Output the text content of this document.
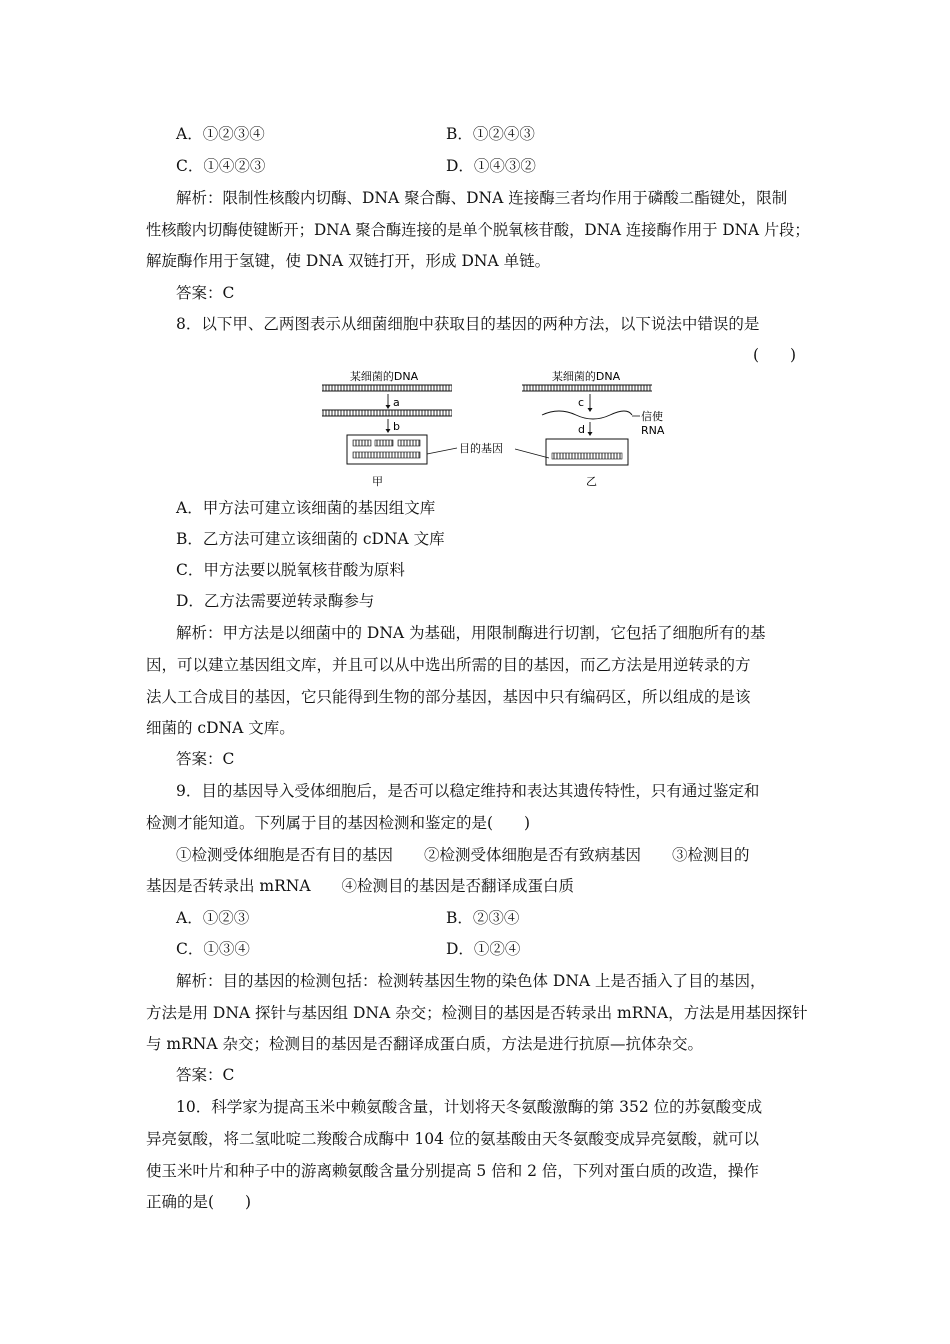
A．①②③④	B．①②④③
C．①④②③	D．①④③②
解析：限制性核酸内切酶、DNA 聚合酶、DNA 连接酶三者均作用于磷酸二酯键处，限制
性核酸内切酶使键断开；DNA 聚合酶连接的是单个脱氧核苷酸，DNA 连接酶作用于 DNA 片段；
解旋酶作用于氢键，使 DNA 双链打开，形成 DNA 单链。
答案：C
8．以下甲、乙两图表示从细菌细胞中获取目的基因的两种方法，以下说法中错误的是
(　　)
某细菌的DNA
a
b
甲
目的基因
某细菌的DNA
c
信使
RNA
d
乙
A．甲方法可建立该细菌的基因组文库
B．乙方法可建立该细菌的 cDNA 文库
C．甲方法要以脱氧核苷酸为原料
D．乙方法需要逆转录酶参与
解析：甲方法是以细菌中的 DNA 为基础，用限制酶进行切割，它包括了细胞所有的基
因，可以建立基因组文库，并且可以从中选出所需的目的基因，而乙方法是用逆转录的方
法人工合成目的基因，它只能得到生物的部分基因，基因中只有编码区，所以组成的是该
细菌的 cDNA 文库。
答案：C
9．目的基因导入受体细胞后，是否可以稳定维持和表达其遗传特性，只有通过鉴定和
检测才能知道。下列属于目的基因检测和鉴定的是(　　)
①检测受体细胞是否有目的基因　　②检测受体细胞是否有致病基因　　③检测目的
基因是否转录出 mRNA　　④检测目的基因是否翻译成蛋白质
A．①②③	B．②③④
C．①③④	D．①②④
解析：目的基因的检测包括：检测转基因生物的染色体 DNA 上是否插入了目的基因，
方法是用 DNA 探针与基因组 DNA 杂交；检测目的基因是否转录出 mRNA，方法是用基因探针
与 mRNA 杂交；检测目的基因是否翻译成蛋白质，方法是进行抗原—抗体杂交。
答案：C
10．科学家为提高玉米中赖氨酸含量，计划将天冬氨酸激酶的第 352 位的苏氨酸变成
异亮氨酸，将二氢吡啶二羧酸合成酶中 104 位的氨基酸由天冬氨酸变成异亮氨酸，就可以
使玉米叶片和种子中的游离赖氨酸含量分别提高 5 倍和 2 倍，下列对蛋白质的改造，操作
正确的是(　　)
